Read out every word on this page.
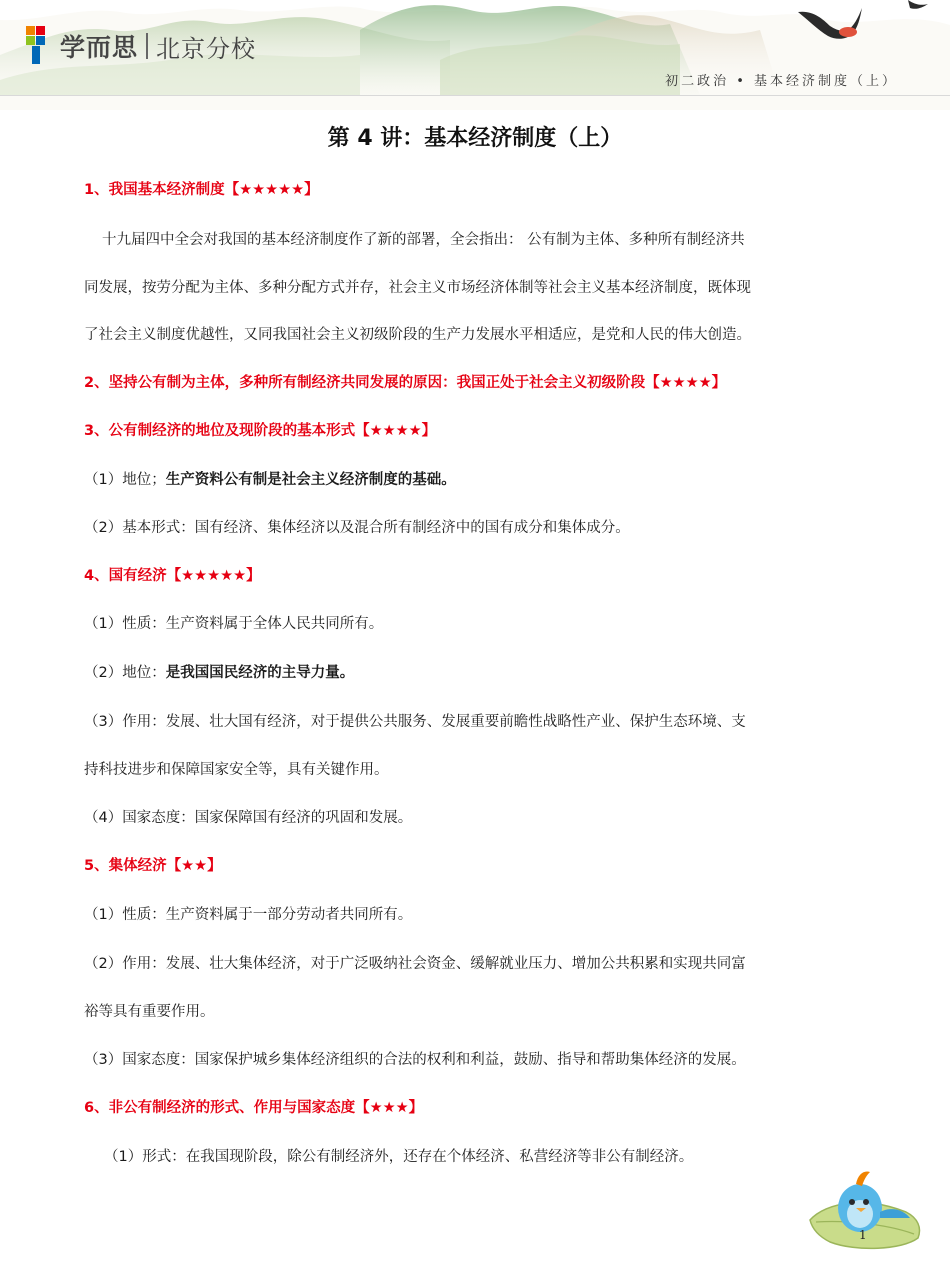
学而思 北京分校
初二政治 • 基本经济制度（上）
第 4 讲：基本经济制度（上）

1、我国基本经济制度【★★★★★】

十九届四中全会对我国的基本经济制度作了新的部署，全会指出： 公有制为主体、多种所有制经济共

同发展，按劳分配为主体、多种分配方式并存，社会主义市场经济体制等社会主义基本经济制度，既体现

了社会主义制度优越性，又同我国社会主义初级阶段的生产力发展水平相适应，是党和人民的伟大创造。

2、坚持公有制为主体，多种所有制经济共同发展的原因：我国正处于社会主义初级阶段【★★★★】

3、公有制经济的地位及现阶段的基本形式【★★★★】

（1）地位；生产资料公有制是社会主义经济制度的基础。

（2）基本形式：国有经济、集体经济以及混合所有制经济中的国有成分和集体成分。

4、国有经济【★★★★★】

（1）性质：生产资料属于全体人民共同所有。

（2）地位：是我国国民经济的主导力量。

（3）作用：发展、壮大国有经济，对于提供公共服务、发展重要前瞻性战略性产业、保护生态环境、支

持科技进步和保障国家安全等，具有关键作用。

（4）国家态度：国家保障国有经济的巩固和发展。

5、集体经济【★★】

（1）性质：生产资料属于一部分劳动者共同所有。

（2）作用：发展、壮大集体经济，对于广泛吸纳社会资金、缓解就业压力、增加公共积累和实现共同富

裕等具有重要作用。

（3）国家态度：国家保护城乡集体经济组织的合法的权利和利益，鼓励、指导和帮助集体经济的发展。

6、非公有制经济的形式、作用与国家态度【★★★】

（1）形式：在我国现阶段，除公有制经济外，还存在个体经济、私营经济等非公有制经济。

1
